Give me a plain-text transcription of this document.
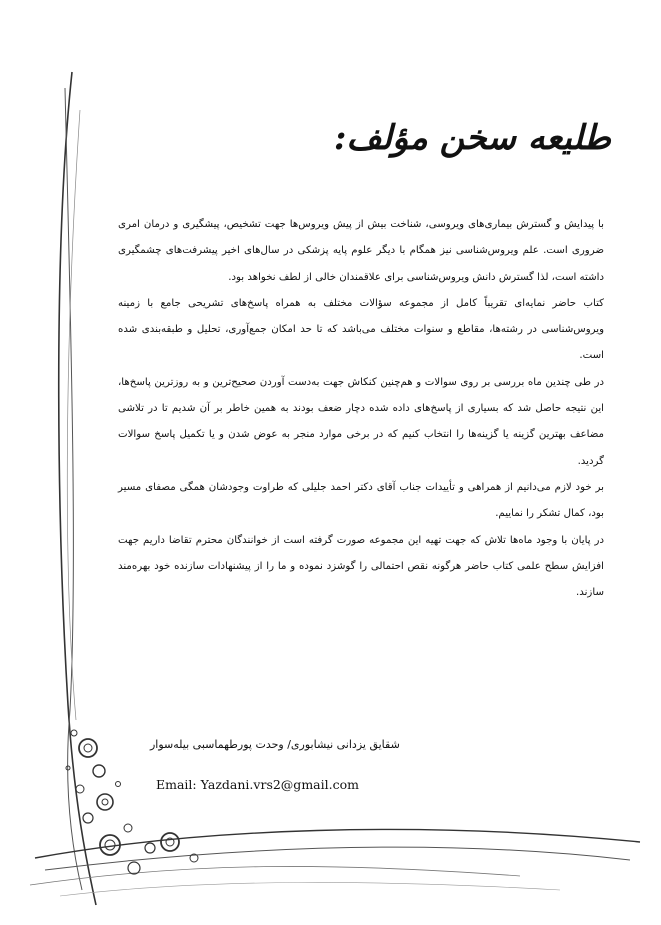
طلیعه سخن مؤلف:

با پیدایش و گسترش بیماری‌های ویروسی، شناخت بیش از پیش ویروس‌ها جهت تشخیص، پیشگیری و درمان امری ضروری است. علم ویروس‌شناسی نیز همگام با دیگر علوم پایه پزشکی در سال‌های اخیر پیشرفت‌های چشمگیری داشته است، لذا گسترش دانش ویروس‌شناسی برای علاقمندان خالی از لطف نخواهد بود.

کتاب حاضر نمایه‌ای تقریباً کامل از مجموعه سؤالات مختلف به همراه پاسخ‌های تشریحی جامع با زمینه ویروس‌شناسی در رشته‌ها، مقاطع و سنوات مختلف می‌باشد که تا حد امکان جمع‌آوری، تحلیل و طبقه‌بندی شده است.

در طی چندین ماه بررسی بر روی سوالات و هم‌چنین کنکاش جهت به‌دست آوردن صحیح‌ترین و به روزترین پاسخ‌ها، این نتیجه حاصل شد که بسیاری از پاسخ‌های داده شده دچار ضعف بودند به همین خاطر بر آن شدیم تا در تلاشی مضاعف بهترین گزینه یا گزینه‌ها را انتخاب کنیم که در برخی موارد منجر به عوض شدن و یا تکمیل پاسخ سوالات گردید.

بر خود لازم می‌دانیم از همراهی و تأییدات جناب آقای دکتر احمد جلیلی که طراوت وجودشان همگی مصفای مسیر بود، کمال تشکر را نماییم.

در پایان با وجود ماه‌ها تلاش که جهت تهیه این مجموعه صورت گرفته است از خوانندگان محترم تقاضا داریم جهت افزایش سطح علمی کتاب حاضر هرگونه نقص احتمالی را گوشزد نموده و ما را از پیشنهادات سازنده خود بهره‌مند سازند.

شقایق یزدانی نیشابوری/ وحدت پورطهماسبی بیله‌سوار

Email: Yazdani.vrs2@gmail.com
